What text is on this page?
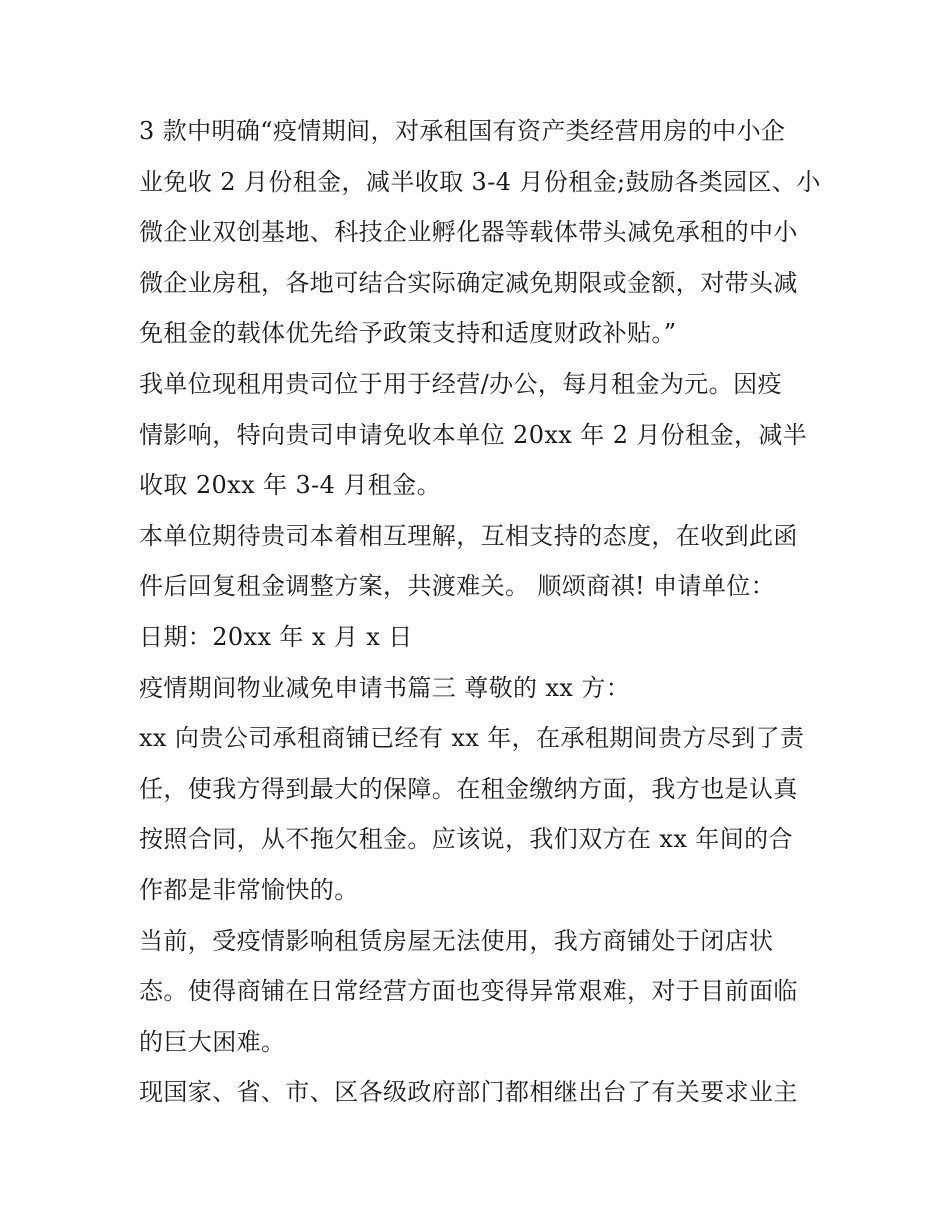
3 款中明确“疫情期间，对承租国有资产类经营用房的中小企
业免收 2 月份租金，减半收取 3-4 月份租金;鼓励各类园区、小
微企业双创基地、科技企业孵化器等载体带头减免承租的中小
微企业房租，各地可结合实际确定减免期限或金额，对带头减
免租金的载体优先给予政策支持和适度财政补贴。”
我单位现租用贵司位于用于经营/办公，每月租金为元。因疫
情影响，特向贵司申请免收本单位 20xx 年 2 月份租金，减半
收取 20xx 年 3-4 月租金。
本单位期待贵司本着相互理解，互相支持的态度，在收到此函
件后回复租金调整方案，共渡难关。 顺颂商祺! 申请单位：
日期：20xx 年 x 月 x 日
疫情期间物业减免申请书篇三 尊敬的 xx 方：
xx 向贵公司承租商铺已经有 xx 年，在承租期间贵方尽到了责
任，使我方得到最大的保障。在租金缴纳方面，我方也是认真
按照合同，从不拖欠租金。应该说，我们双方在 xx 年间的合
作都是非常愉快的。
当前，受疫情影响租赁房屋无法使用，我方商铺处于闭店状
态。使得商铺在日常经营方面也变得异常艰难，对于目前面临
的巨大困难。
现国家、省、市、区各级政府部门都相继出台了有关要求业主
